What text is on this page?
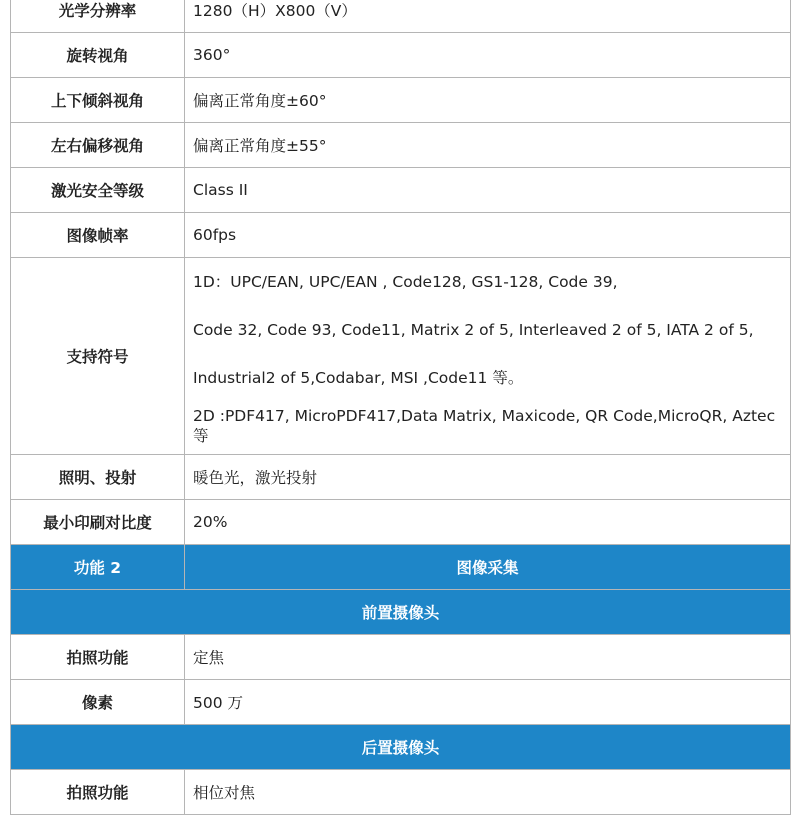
光学分辨率	1280（H）X800（V）
旋转视角	360°
上下倾斜视角	偏离正常角度±60°
左右偏移视角	偏离正常角度±55°
激光安全等级	Class II
图像帧率	60fps
支持符号	1D：UPC/EAN, UPC/EAN , Code128, GS1-128, Code 39,

Code 32, Code 93, Code11, Matrix 2 of 5, Interleaved 2 of 5, IATA 2 of 5,

Industrial2 of 5,Codabar, MSI ,Code11 等。

2D :PDF417, MicroPDF417,Data Matrix, Maxicode, QR Code,MicroQR, Aztec 等

照明、投射	暖色光，激光投射
最小印刷对比度	20%
功能 2	图像采集
前置摄像头	
拍照功能	定焦
像素	500 万
后置摄像头	
拍照功能	相位对焦
